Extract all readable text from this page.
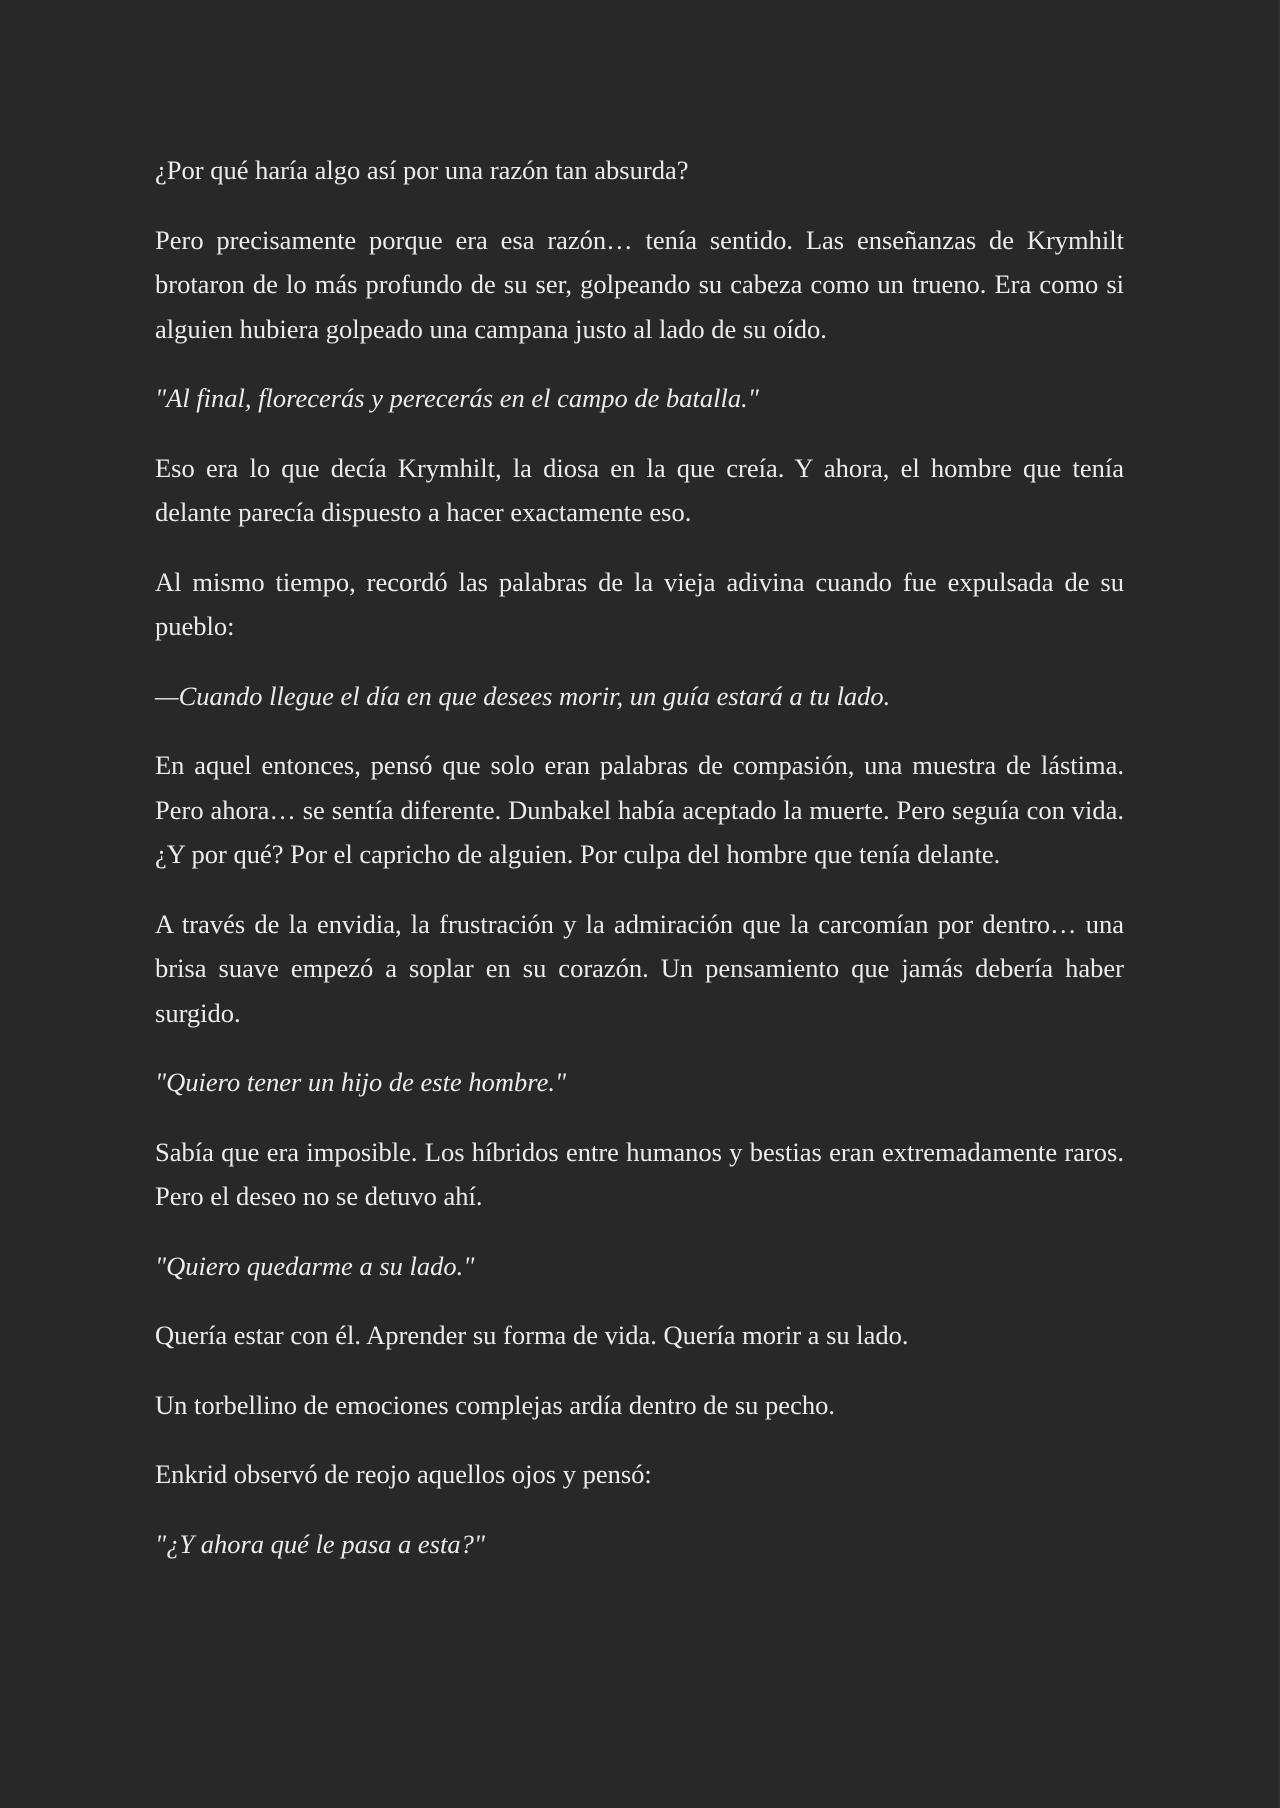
¿Por qué haría algo así por una razón tan absurda?

Pero precisamente porque era esa razón… tenía sentido. Las enseñanzas de Krymhilt brotaron de lo más profundo de su ser, golpeando su cabeza como un trueno. Era como si alguien hubiera golpeado una campana justo al lado de su oído.

"Al final, florecerás y perecerás en el campo de batalla."

Eso era lo que decía Krymhilt, la diosa en la que creía. Y ahora, el hombre que tenía delante parecía dispuesto a hacer exactamente eso.

Al mismo tiempo, recordó las palabras de la vieja adivina cuando fue expulsada de su pueblo:

—Cuando llegue el día en que desees morir, un guía estará a tu lado.

En aquel entonces, pensó que solo eran palabras de compasión, una muestra de lástima. Pero ahora… se sentía diferente. Dunbakel había aceptado la muerte. Pero seguía con vida. ¿Y por qué? Por el capricho de alguien. Por culpa del hombre que tenía delante.

A través de la envidia, la frustración y la admiración que la carcomían por dentro… una brisa suave empezó a soplar en su corazón. Un pensamiento que jamás debería haber surgido.

"Quiero tener un hijo de este hombre."

Sabía que era imposible. Los híbridos entre humanos y bestias eran extremadamente raros. Pero el deseo no se detuvo ahí.

"Quiero quedarme a su lado."

Quería estar con él. Aprender su forma de vida. Quería morir a su lado.

Un torbellino de emociones complejas ardía dentro de su pecho.

Enkrid observó de reojo aquellos ojos y pensó:

"¿Y ahora qué le pasa a esta?"
